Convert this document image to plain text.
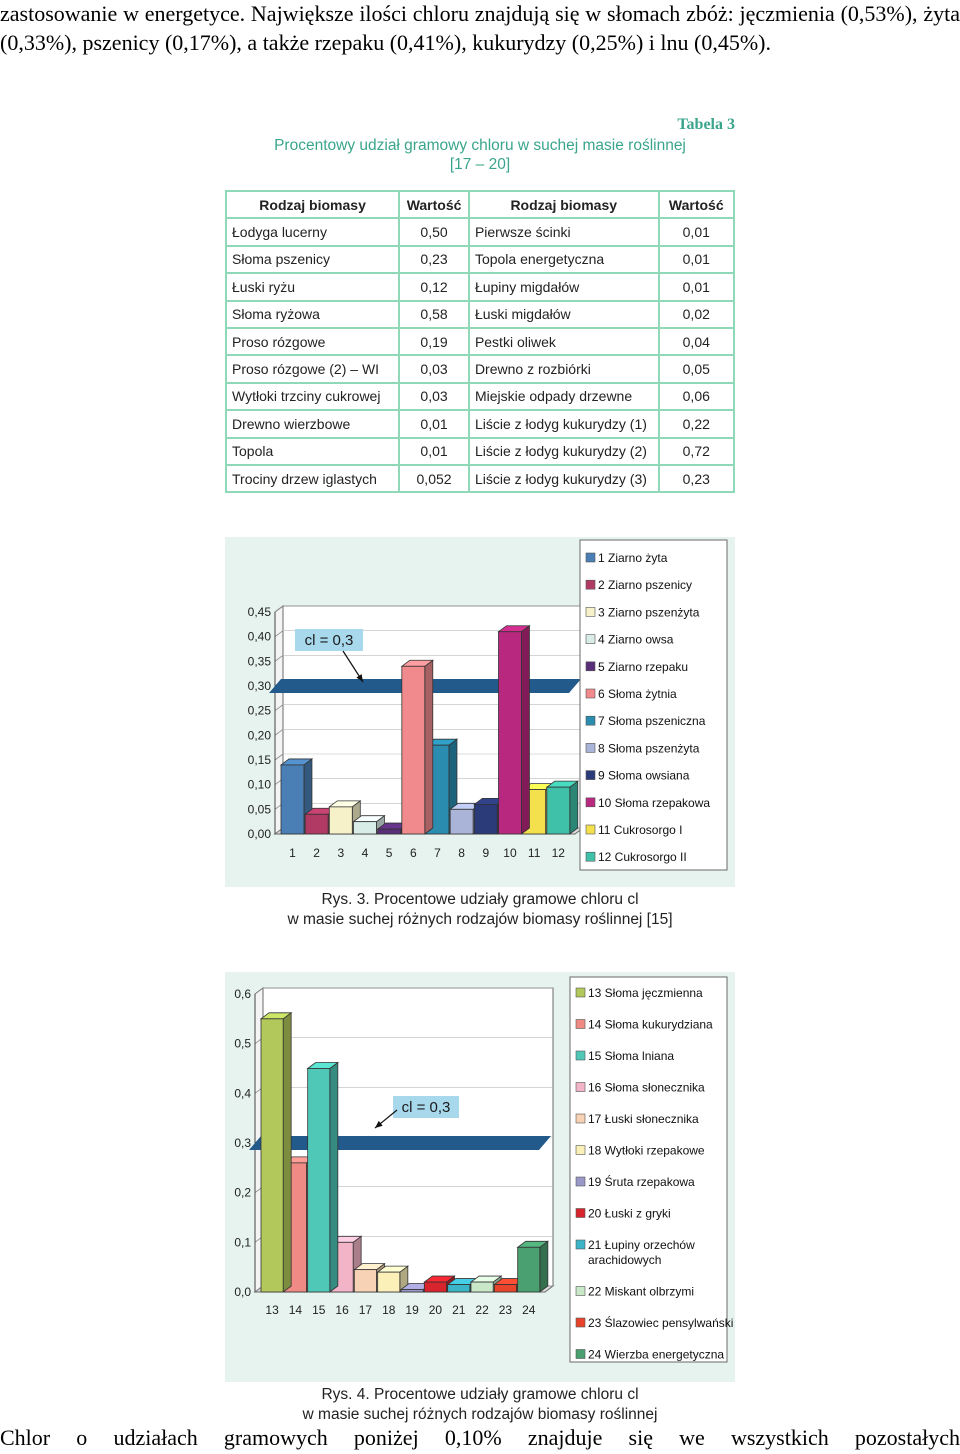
zastosowanie w energetyce. Największe ilości chloru znajdują się w słomach zbóż: jęczmienia (0,53%), żyta (0,33%), pszenicy (0,17%), a także rzepaku (0,41%), kukurydzy (0,25%) i lnu (0,45%).

Tabela 3
Procentowy udział gramowy chloru w suchej masie roślinnej
[17 – 20]
Rodzaj biomasy	Wartość	Rodzaj biomasy	Wartość
Łodyga lucerny	0,50	Pierwsze ścinki	0,01
Słoma pszenicy	0,23	Topola energetyczna	0,01
Łuski ryżu	0,12	Łupiny migdałów	0,01
Słoma ryżowa	0,58	Łuski migdałów	0,02
Proso rózgowe	0,19	Pestki oliwek	0,04
Proso rózgowe (2) – WI	0,03	Drewno z rozbiórki	0,05
Wytłoki trzciny cukrowej	0,03	Miejskie odpady drzewne	0,06
Drewno wierzbowe	0,01	Liście z łodyg kukurydzy (1)	0,22
Topola	0,01	Liście z łodyg kukurydzy (2)	0,72
Trociny drzew iglastych	0,052	Liście z łodyg kukurydzy (3)	0,23
0,00
0,05
0,10
0,15
0,20
0,25
0,30
0,35
0,40
0,45
1 2 3 4 5 6 7 8 9 10 11 12
cl = 0,3
1 Ziarno żyta
2 Ziarno pszenicy
3 Ziarno pszenżyta
4 Ziarno owsa
5 Ziarno rzepaku
6 Słoma żytnia
7 Słoma pszeniczna
8 Słoma pszenżyta
9 Słoma owsiana
10 Słoma rzepakowa
11 Cukrosorgo I
12 Cukrosorgo II
Rys. 3. Procentowe udziały gramowe chloru cl
w masie suchej różnych rodzajów biomasy roślinnej [15]
0,0
0,1
0,2
0,3
0,4
0,5
0,6
13 14 15 16 17 18 19 20 21 22 23 24
cl = 0,3
13 Słoma jęczmienna
14 Słoma kukurydziana
15 Słoma lniana
16 Słoma słonecznika
17 Łuski słonecznika
18 Wytłoki rzepakowe
19 Śruta rzepakowa
20 Łuski z gryki
21 Łupiny orzechów
arachidowych
22 Miskant olbrzymi
23 Ślazowiec pensylwański
24 Wierzba energetyczna
Rys. 4. Procentowe udziały gramowe chloru cl
w masie suchej różnych rodzajów biomasy roślinnej

Chlor o udziałach gramowych poniżej 0,10% znajduje się we wszystkich pozostałych
